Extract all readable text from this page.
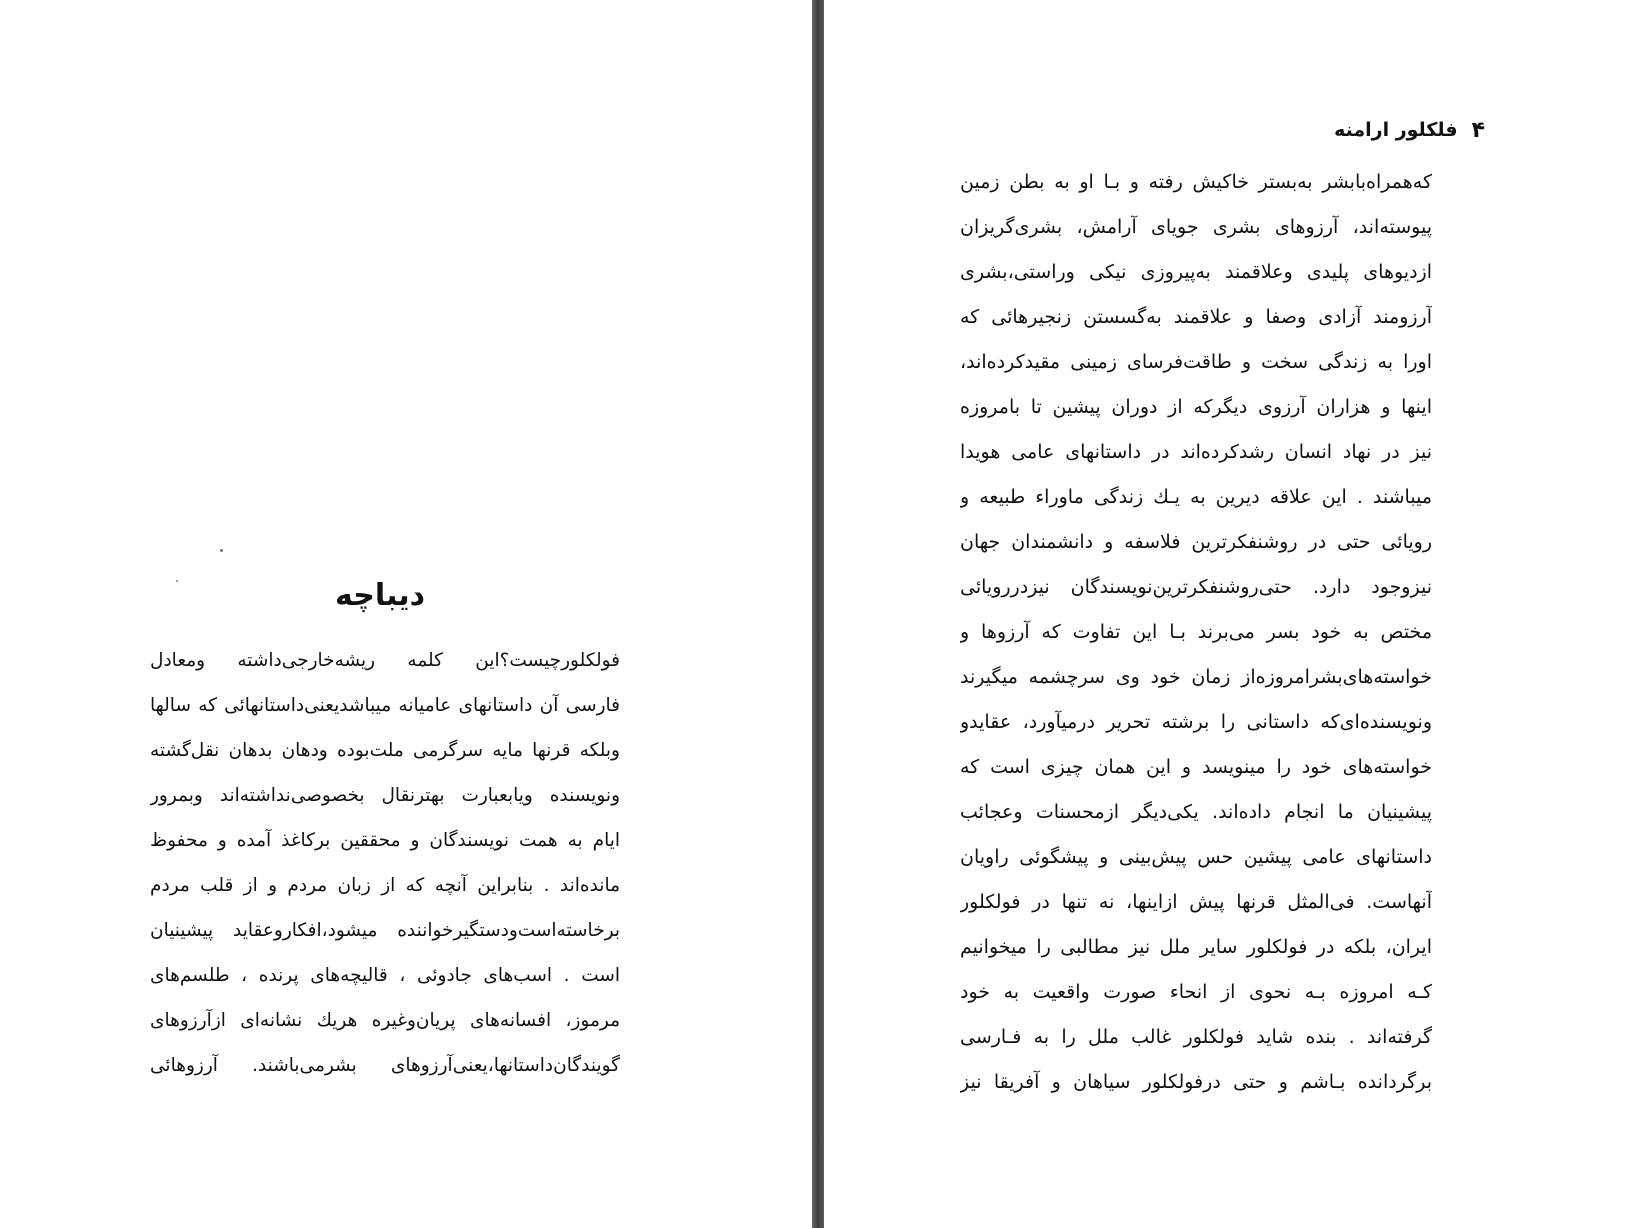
دیباچه
فولکلورچیست؟این کلمه ریشه‌خارجی‌داشته ومعادل
فارسی آن داستانهای عامیانه میباشدیعنی‌داستانهائی که سالها
وبلکه قرنها مایه سرگرمی ملت‌بوده ودهان بدهان نقل‌گشته
ونویسنده ویابعبارت بهترنقال بخصوصی‌نداشته‌اند وبمرور
ایام به همت نویسندگان و محققین برکاغذ آمده و محفوظ
مانده‌اند . بنابراین آنچه که از زبان مردم و از قلب مردم
برخاسته‌است‌ودستگیرخواننده میشود،افکاروعقاید پیشینیان
است . اسب‌های جادوئی ، قالیچه‌های پرنده ، طلسم‌های
مرموز، افسانه‌های پریان‌وغیره هریك نشانه‌ای ازآرزوهای
گویندگان‌داستانها،یعنی‌آرزوهای بشرمی‌باشند. آرزوهائی
۴
فلکلور ارامنه
که‌همراه‌بابشر به‌بستر خاکیش رفته و بـا او به بطن زمین
پیوسته‌اند، آرزوهای بشری جویای آرامش، بشری‌گریزان
ازدیوهای پلیدی وعلاقمند به‌پیروزی نیکی وراستی،بشری
آرزومند آزادی وصفا و علاقمند به‌گسستن زنجیرهائی که
اورا به زندگی سخت و طاقت‌فرسای زمینی مقیدکرده‌اند،
اینها و هزاران آرزوی دیگرکه از دوران پیشین تا بامروزه
نیز در نهاد انسان رشدکرده‌اند در داستانهای عامی هویدا
میباشند . این علاقه دیرین به یـك زندگی ماوراء طبیعه و
رویائی حتی در روشنفکرترین فلاسفه و دانشمندان جهان
نیزوجود دارد. حتی‌روشنفکرترین‌نویسندگان نیزدررویائی
مختص به خود بسر می‌برند بـا این تفاوت که آرزوها و
خواسته‌های‌بشرامروزه‌از زمان خود وی سرچشمه میگیرند
ونویسنده‌ای‌که داستانی را برشته تحریر درمیآورد، عقایدو
خواسته‌های خود را مینویسد و این همان چیزی است که
پیشینیان ما انجام داده‌اند. یکی‌دیگر ازمحسنات وعجائب
داستانهای عامی پیشین حس پیش‌بینی و پیشگوئی راویان
آنهاست. فی‌المثل قرنها پیش ازاینها، نه تنها در فولکلور
ایران، بلکه در فولکلور سایر ملل نیز مطالبی را میخوانیم
کـه امروزه بـه نحوی از انحاء صورت واقعیت به خود
گرفته‌اند . بنده شاید فولکلور غالب ملل را به فـارسی
برگردانده بـاشم و حتی درفولکلور سیاهان و آفریقا نیز
